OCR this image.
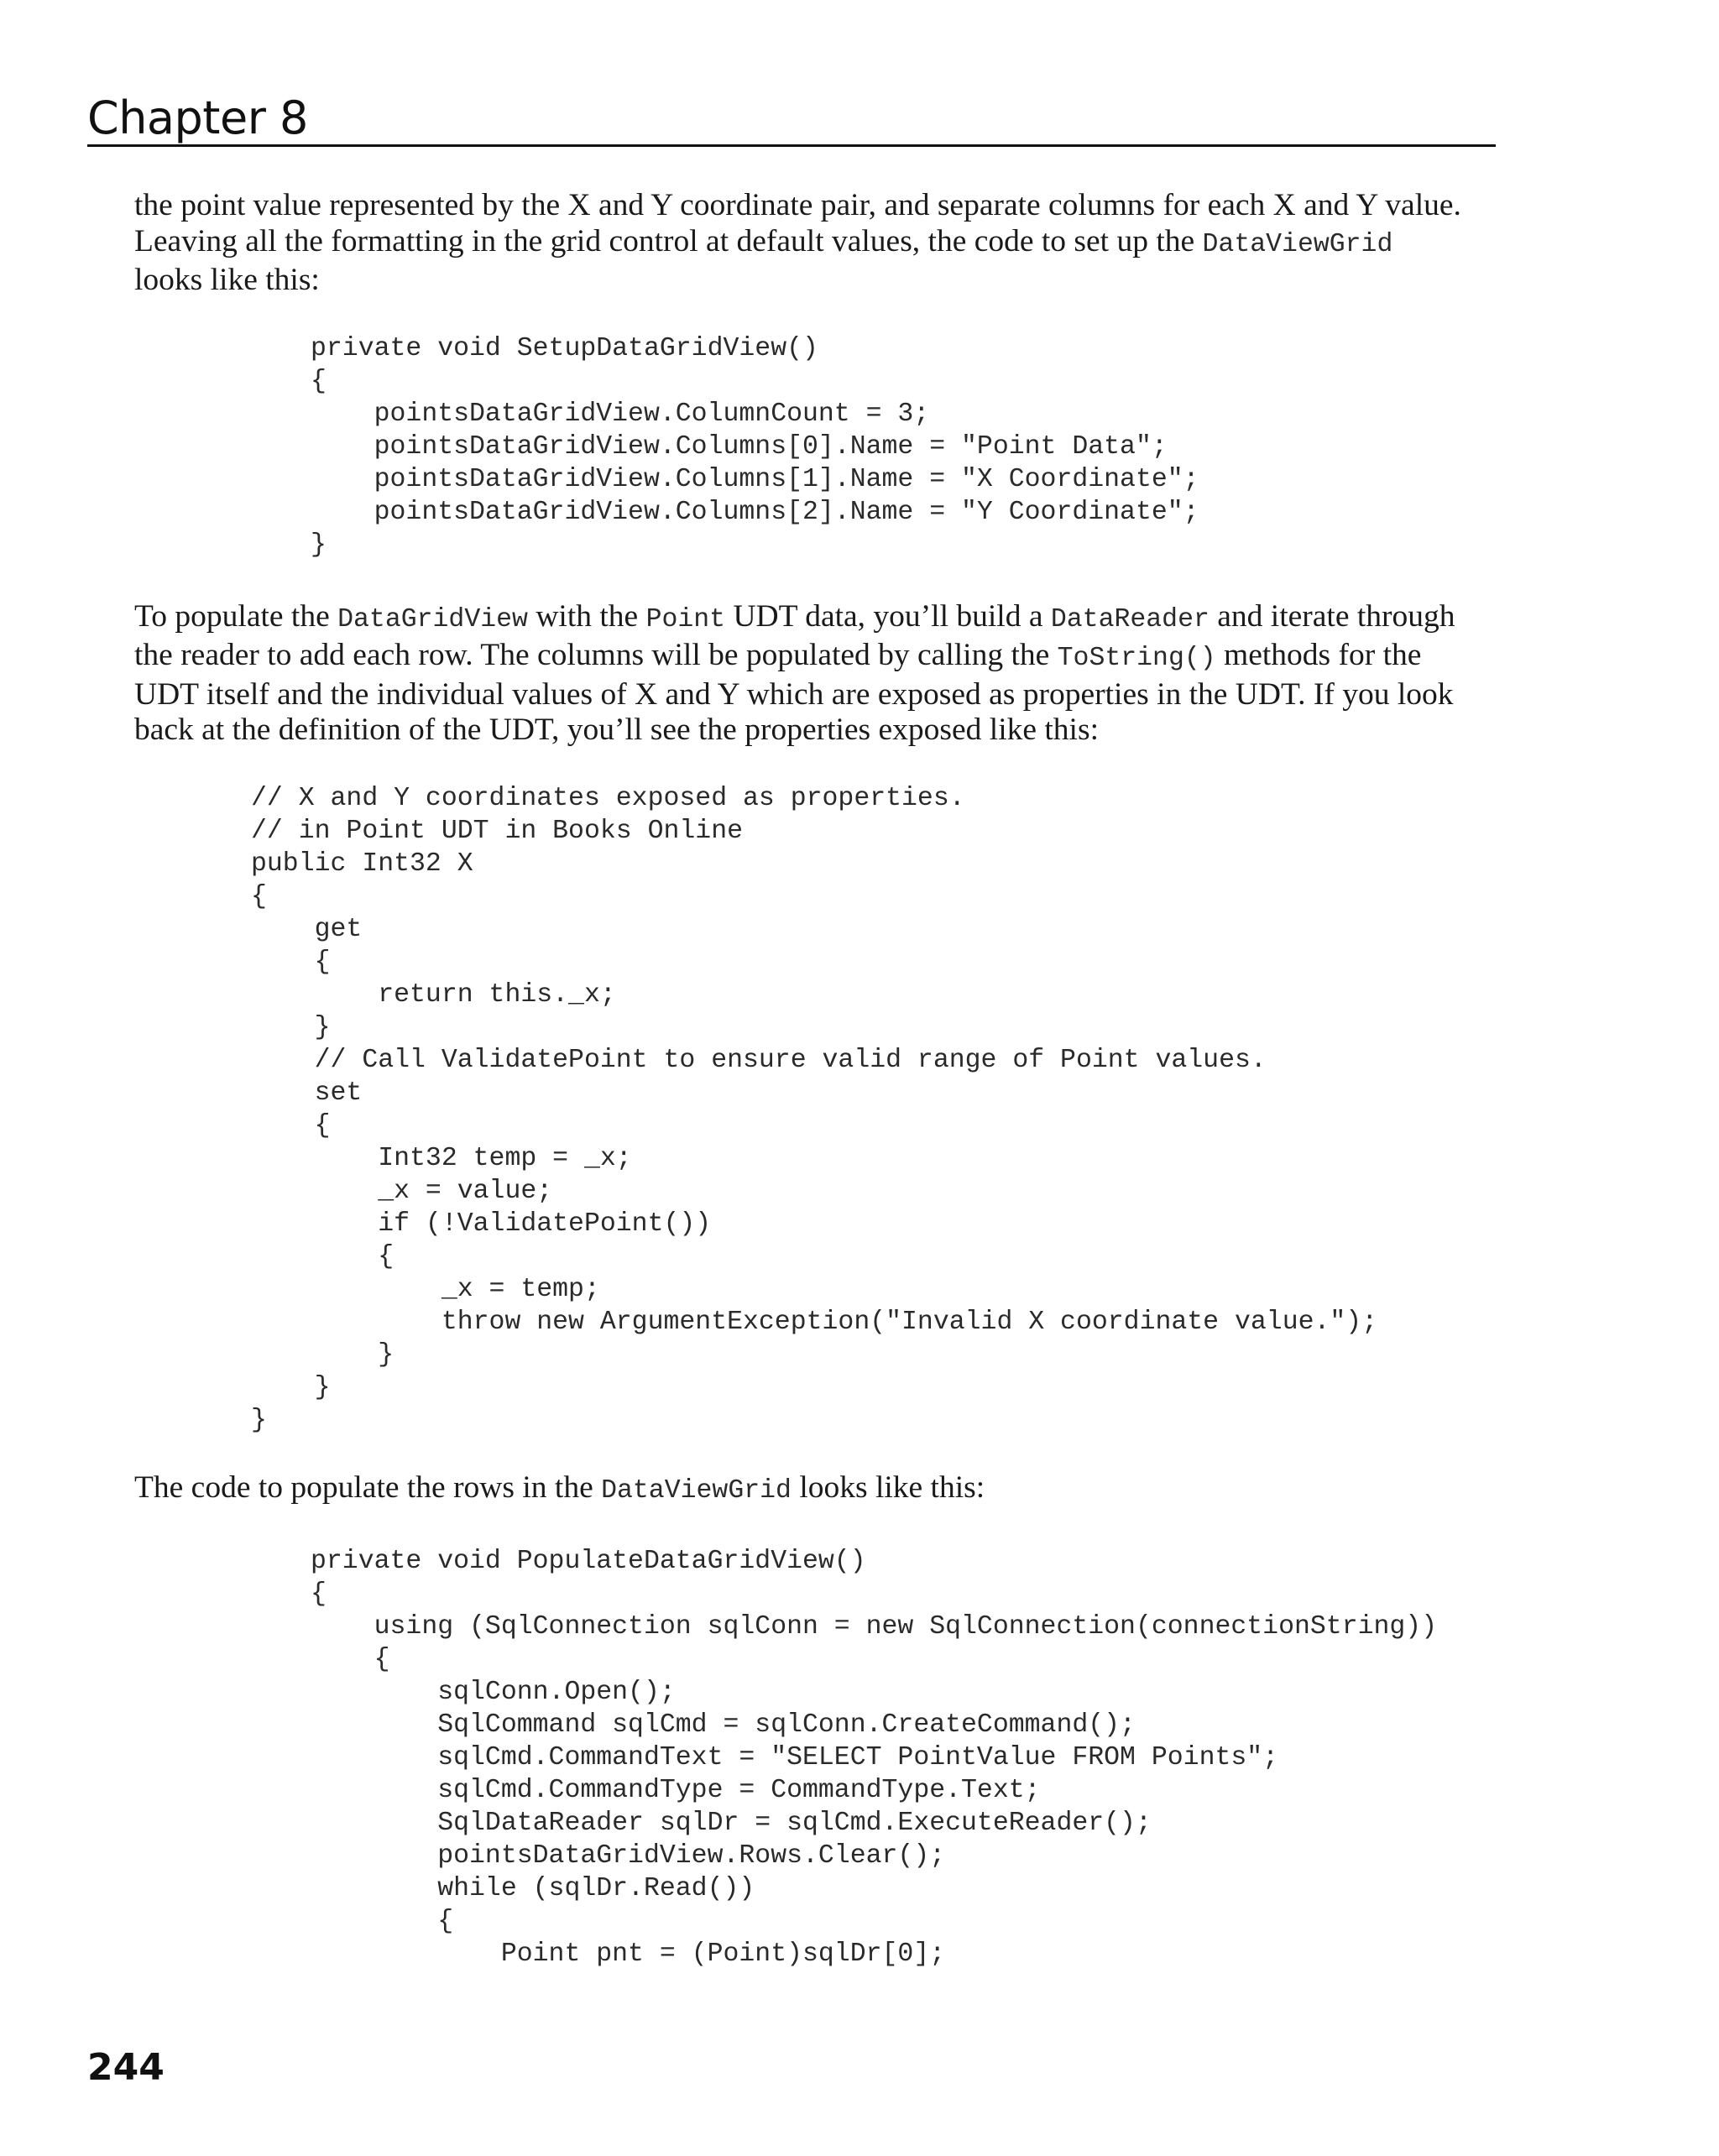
Chapter 8

the point value represented by the X and Y coordinate pair, and separate columns for each X and Y value.
Leaving all the formatting in the grid control at default values, the code to set up the DataViewGrid
looks like this:

private void SetupDataGridView()
{
pointsDataGridView.ColumnCount = 3;
pointsDataGridView.Columns[0].Name = "Point Data";
pointsDataGridView.Columns[1].Name = "X Coordinate";
pointsDataGridView.Columns[2].Name = "Y Coordinate";
}

To populate the DataGridView with the Point UDT data, you’ll build a DataReader and iterate through
the reader to add each row. The columns will be populated by calling the ToString() methods for the
UDT itself and the individual values of X and Y which are exposed as properties in the UDT. If you look
back at the definition of the UDT, you’ll see the properties exposed like this:

// X and Y coordinates exposed as properties.
// in Point UDT in Books Online
public Int32 X
{
get
{
return this._x;
}
// Call ValidatePoint to ensure valid range of Point values.
set
{
Int32 temp = _x;
_x = value;
if (!ValidatePoint())
{
_x = temp;
throw new ArgumentException("Invalid X coordinate value.");
}
}
}

The code to populate the rows in the DataViewGrid looks like this:

private void PopulateDataGridView()
{
using (SqlConnection sqlConn = new SqlConnection(connectionString))
{
sqlConn.Open();
SqlCommand sqlCmd = sqlConn.CreateCommand();
sqlCmd.CommandText = "SELECT PointValue FROM Points";
sqlCmd.CommandType = CommandType.Text;
SqlDataReader sqlDr = sqlCmd.ExecuteReader();
pointsDataGridView.Rows.Clear();
while (sqlDr.Read())
{
Point pnt = (Point)sqlDr[0];
244
